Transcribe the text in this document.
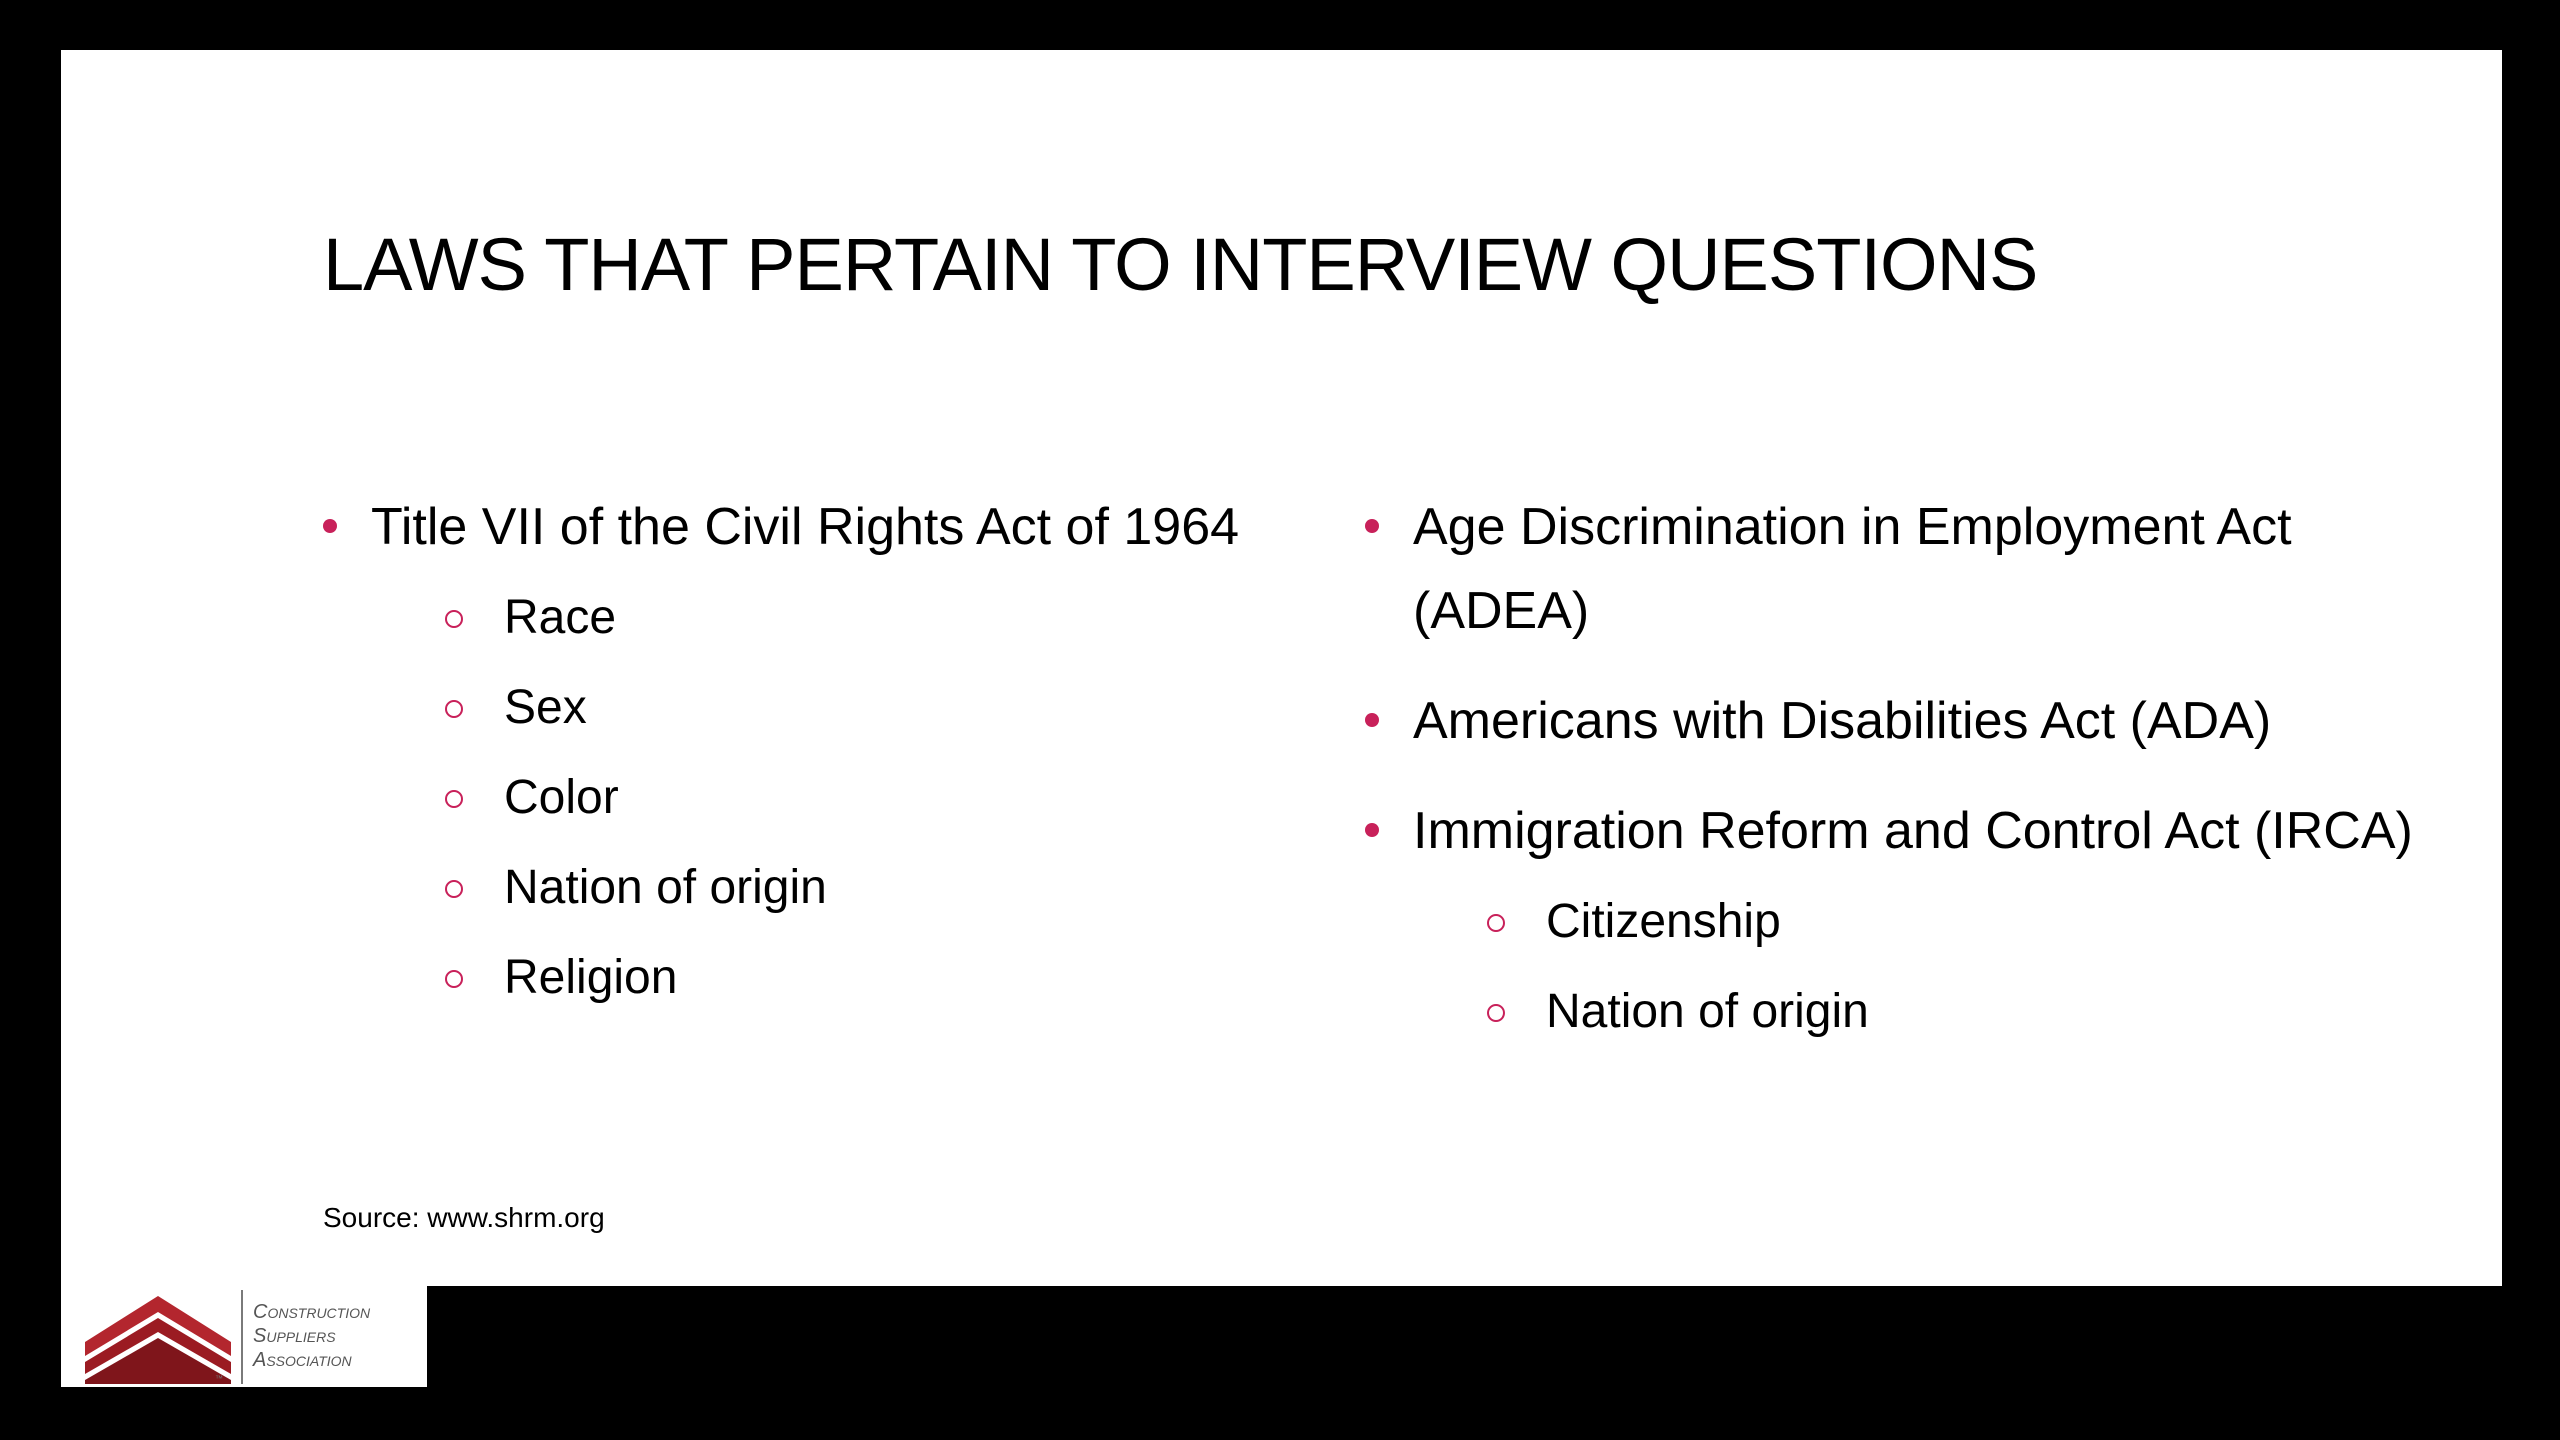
LAWS THAT PERTAIN TO INTERVIEW QUESTIONS
Title VII of the Civil Rights Act of 1964
Race
Sex
Color
Nation of origin
Religion
Age Discrimination in Employment Act (ADEA)
Americans with Disabilities Act (ADA)
Immigration Reform and Control Act (IRCA)
Citizenship
Nation of origin
Source: www.shrm.org
™
Construction
Suppliers
Association
